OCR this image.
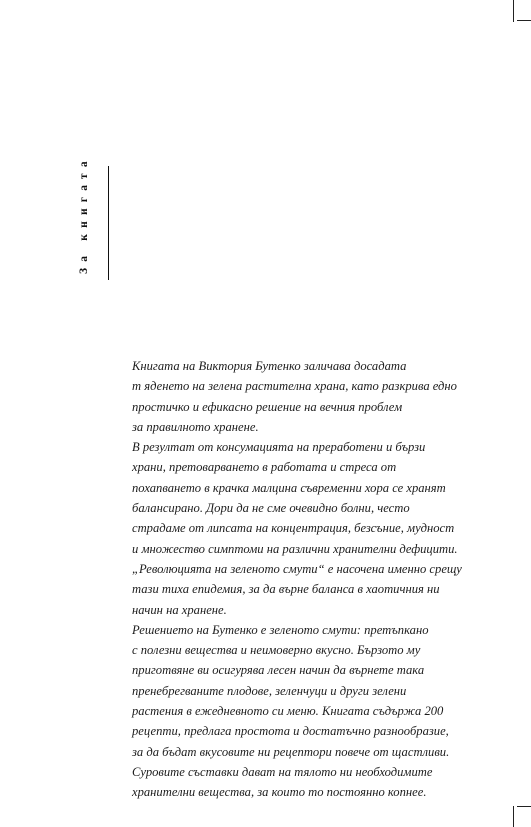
За книгата
Книгата на Виктория Бутенко заличава досадата
т яденето на зелена растителна храна, като разкрива едно
простичко и ефикасно решение на вечния проблем
за правилното хранене.
В резултат от консумацията на преработени и бързи
храни, претоварването в работата и стреса от
похапването в крачка малцина съвременни хора се хранят
балансирано. Дори да не сме очевидно болни, често
страдаме от липсата на концентрация, безсъние, мудност
и множество симптоми на различни хранителни дефицити.
„Революцията на зеленото смути“ е насочена именно срещу
тази тиха епидемия, за да върне баланса в хаотичния ни
начин на хранене.
Решението на Бутенко е зеленото смути: претъпкано
с полезни вещества и неимоверно вкусно. Бързото му
приготвяне ви осигурява лесен начин да върнете така
пренебрегваните плодове, зеленчуци и други зелени
растения в ежедневното си меню. Книгата съдържа 200
рецепти, предлага простота и достатъчно разнообразие,
за да бъдат вкусовите ни рецептори повече от щастливи.
Суровите съставки дават на тялото ни необходимите
хранителни вещества, за които то постоянно копнее.
